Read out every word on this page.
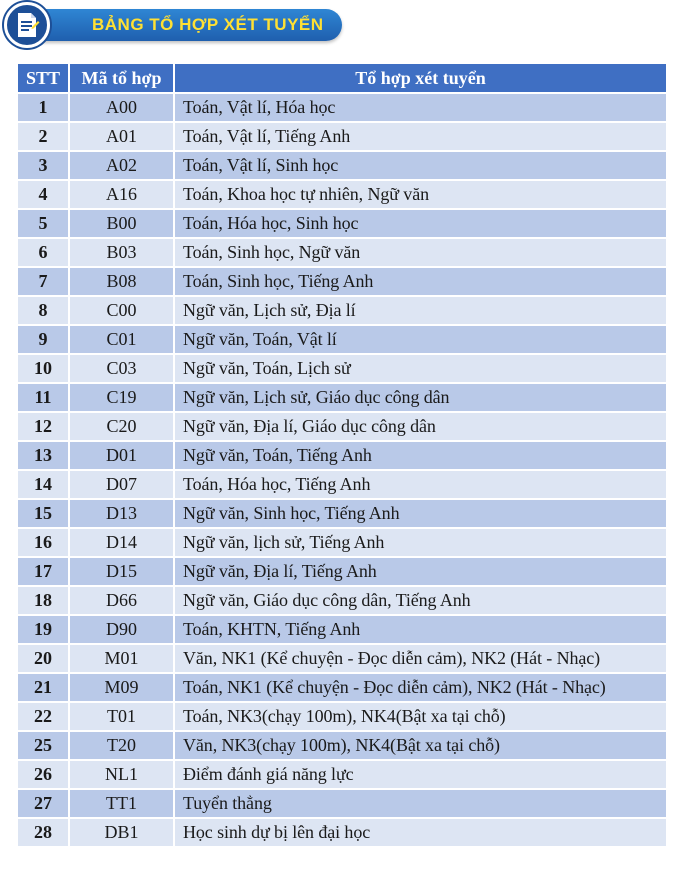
BẢNG TỔ HỢP XÉT TUYỂN
STT	Mã tổ hợp	Tổ hợp xét tuyển
1	A00	Toán, Vật lí, Hóa học
2	A01	Toán, Vật lí, Tiếng Anh
3	A02	Toán, Vật lí, Sinh học
4	A16	Toán, Khoa học tự nhiên, Ngữ văn
5	B00	Toán, Hóa học, Sinh học
6	B03	Toán, Sinh học, Ngữ văn
7	B08	Toán, Sinh học, Tiếng Anh
8	C00	Ngữ văn, Lịch sử, Địa lí
9	C01	Ngữ văn, Toán, Vật lí
10	C03	Ngữ văn, Toán, Lịch sử
11	C19	Ngữ văn, Lịch sử, Giáo dục công dân
12	C20	Ngữ văn, Địa lí, Giáo dục công dân
13	D01	Ngữ văn, Toán, Tiếng Anh
14	D07	Toán, Hóa học, Tiếng Anh
15	D13	Ngữ văn, Sinh học, Tiếng Anh
16	D14	Ngữ văn, lịch sử, Tiếng Anh
17	D15	Ngữ văn, Địa lí, Tiếng Anh
18	D66	Ngữ văn, Giáo dục công dân, Tiếng Anh
19	D90	Toán, KHTN, Tiếng Anh
20	M01	Văn, NK1 (Kể chuyện - Đọc diễn cảm), NK2 (Hát - Nhạc)
21	M09	Toán, NK1 (Kể chuyện - Đọc diễn cảm), NK2 (Hát - Nhạc)
22	T01	Toán, NK3(chạy 100m), NK4(Bật xa tại chỗ)
25	T20	Văn, NK3(chạy 100m), NK4(Bật xa tại chỗ)
26	NL1	Điểm đánh giá năng lực
27	TT1	Tuyển thẳng
28	DB1	Học sinh dự bị lên đại học
